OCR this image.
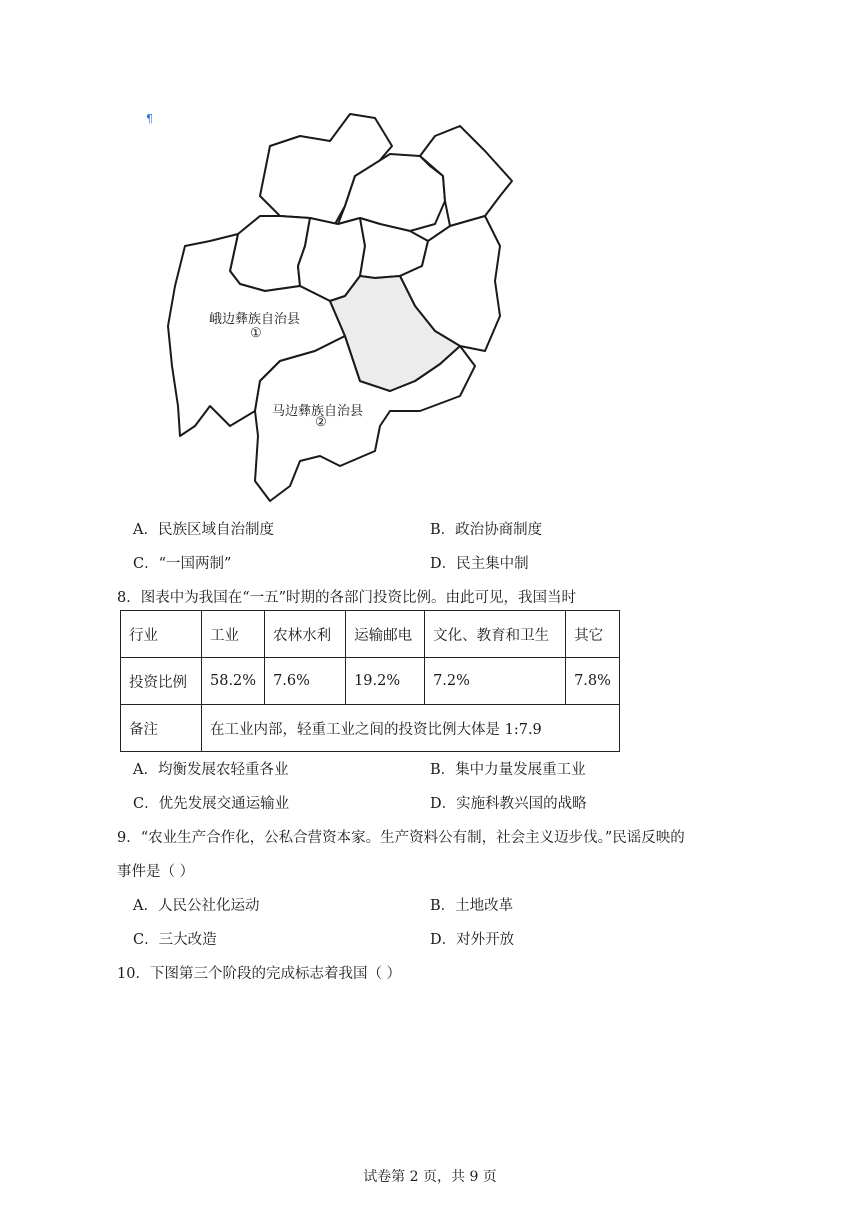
¶
峨边彝族自治县
①
马边彝族自治县
②
A．民族区域自治制度	B．政治协商制度
C．“一国两制”	D．民主集中制
8．图表中为我国在“一五”时期的各部门投资比例。由此可见，我国当时
行业	工业	农林水利	运输邮电	文化、教育和卫生	其它
投资比例	58.2%	7.6%	19.2%	7.2%	7.8%
备注	在工业内部，轻重工业之间的投资比例大体是 1:7.9				
A．均衡发展农轻重各业	B．集中力量发展重工业
C．优先发展交通运输业	D．实施科教兴国的战略
9．“农业生产合作化，公私合营资本家。生产资料公有制，社会主义迈步伐。”民谣反映的
事件是（ ）
A．人民公社化运动	B．土地改革
C．三大改造	D．对外开放
10．下图第三个阶段的完成标志着我国（ ）
试卷第 2 页，共 9 页
